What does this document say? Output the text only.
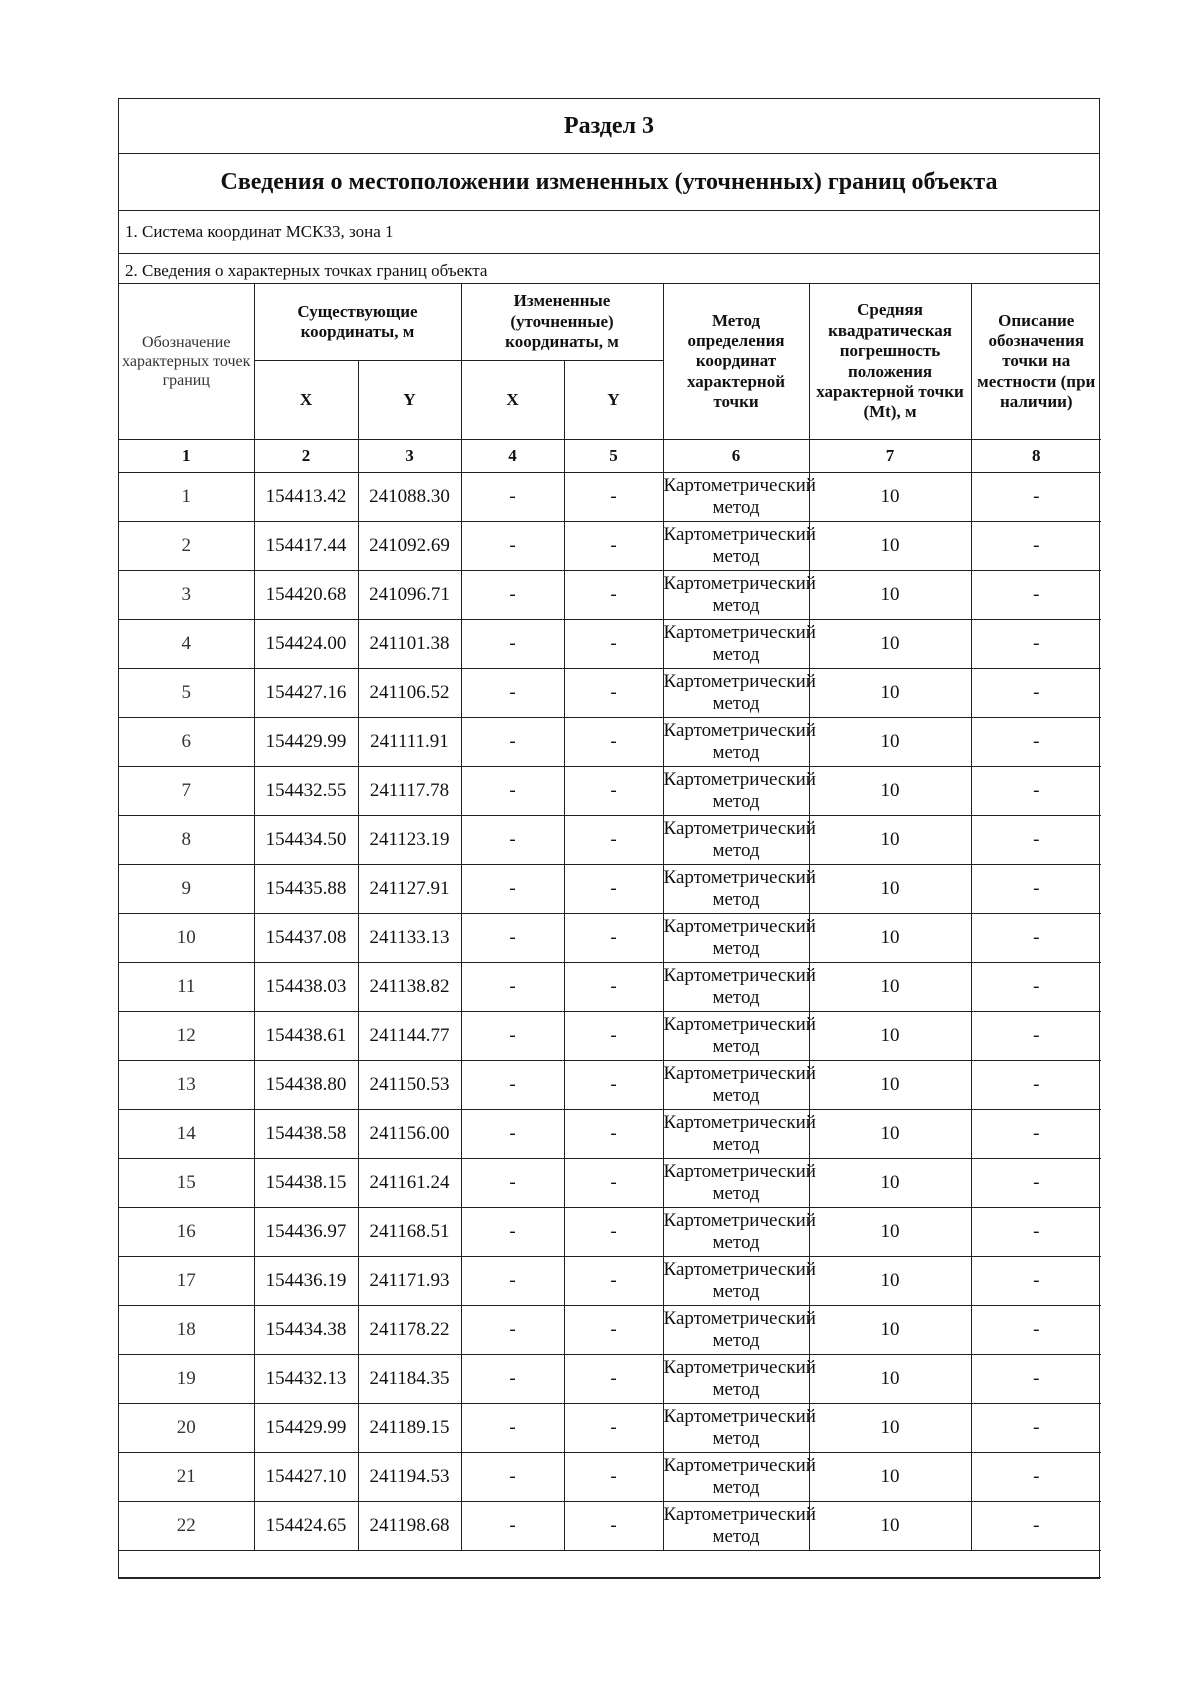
Раздел 3
Сведения о местоположении измененных (уточненных) границ объекта
1. Система координат МСК33, зона 1
2. Сведения о характерных точках границ объекта
Обозначение характерных точек границ	Существующие координаты, м		Измененные (уточненные) координаты, м		Метод определения координат характерной точки	Средняя квадратическая погрешность положения характерной точки (Mt), м	Описание обозначения точки на местности (при наличии)
	X	Y	X	Y			
1	2	3	4	5	6	7	8
1	154413.42	241088.30	-	-	Картометрический метод	10	-
2	154417.44	241092.69	-	-	Картометрический метод	10	-
3	154420.68	241096.71	-	-	Картометрический метод	10	-
4	154424.00	241101.38	-	-	Картометрический метод	10	-
5	154427.16	241106.52	-	-	Картометрический метод	10	-
6	154429.99	241111.91	-	-	Картометрический метод	10	-
7	154432.55	241117.78	-	-	Картометрический метод	10	-
8	154434.50	241123.19	-	-	Картометрический метод	10	-
9	154435.88	241127.91	-	-	Картометрический метод	10	-
10	154437.08	241133.13	-	-	Картометрический метод	10	-
11	154438.03	241138.82	-	-	Картометрический метод	10	-
12	154438.61	241144.77	-	-	Картометрический метод	10	-
13	154438.80	241150.53	-	-	Картометрический метод	10	-
14	154438.58	241156.00	-	-	Картометрический метод	10	-
15	154438.15	241161.24	-	-	Картометрический метод	10	-
16	154436.97	241168.51	-	-	Картометрический метод	10	-
17	154436.19	241171.93	-	-	Картометрический метод	10	-
18	154434.38	241178.22	-	-	Картометрический метод	10	-
19	154432.13	241184.35	-	-	Картометрический метод	10	-
20	154429.99	241189.15	-	-	Картометрический метод	10	-
21	154427.10	241194.53	-	-	Картометрический метод	10	-
22	154424.65	241198.68	-	-	Картометрический метод	10	-
